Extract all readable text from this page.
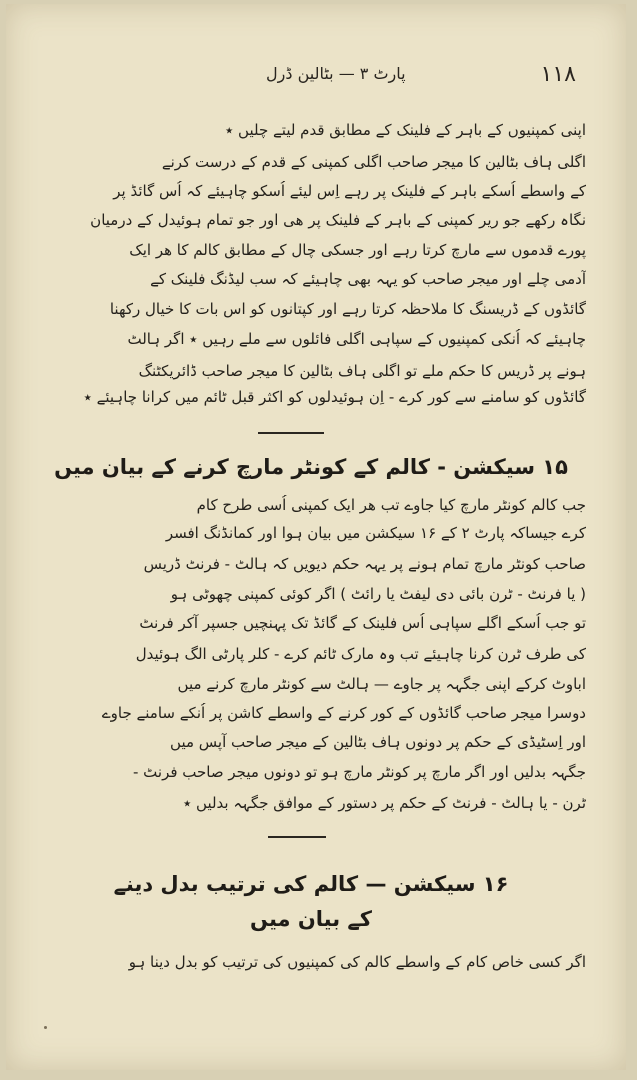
پارٹ ۳ — بٹالین ڈرل	۱۱۸
اپنی کمپنیوں کے باہر کے فلینک کے مطابق قدم لیتے چلیں ٭
اگلی ہاف بٹالین کا میجر صاحب اگلی کمپنی کے قدم کے درست کرنے
کے واسطے اُسکے باہر کے فلینک پر رہے اِس لیئے اُسکو چاہیئے کہ اُس گائڈ پر
نگاہ رکھے جو ریر کمپنی کے باہر کے فلینک پر ھی اور جو تمام ہوئیدل کے درمیان
پورے قدموں سے مارچ کرتا رہے اور جسکی چال کے مطابق کالم کا ھر ایک
آدمی چلے اور میجر صاحب کو یہہ بھی چاہیئے کہ سب لیڈنگ فلینک کے
گائڈوں کے ڈریسنگ کا ملاحظہ کرتا رہے اور کپتانوں کو اس بات کا خیال رکھنا
چاہیئے کہ اُنکی کمپنیوں کے سپاہی اگلی فائلوں سے ملے رہیں ٭ اگر ہالٹ
ہونے پر ڈریس کا حکم ملے تو اگلی ہاف بٹالین کا میجر صاحب ڈائریکٹنگ
گائڈوں کو سامنے سے کور کرے - اِن ہوئیدلوں کو اکثر قبل ٹائم میں کرانا چاہیئے ٭
۱۵ سیکشن - کالم کے کونٹر مارچ کرنے کے بیان میں
جب کالم کونٹر مارچ کیا جاوے تب ھر ایک کمپنی اُسی طرح کام
کرے جیساکہ پارٹ ۲ کے ۱۶ سیکشن میں بیان ہوا اور کمانڈنگ افسر
صاحب کونٹر مارچ تمام ہونے پر یہہ حکم دیویں کہ ہالٹ - فرنٹ ڈریس
( یا فرنٹ - ٹرن بائی دی لیفٹ یا رائٹ ) اگر کوئی کمپنی چھوٹی ہو
تو جب اُسکے اگلے سپاہی اُس فلینک کے گائڈ تک پہنچیں جسپر آکر فرنٹ
کی طرف ٹرن کرنا چاہیئے تب وہ مارک ٹائم کرے - کلر پارٹی الگ ہوئیدل
اباوٹ کرکے اپنی جگہہ پر جاوے — ہالٹ سے کونٹر مارچ کرنے میں
دوسرا میجر صاحب گائڈوں کے کور کرنے کے واسطے کاشن پر اُنکے سامنے جاوے
اور اِسٹیڈی کے حکم پر دونوں ہاف بٹالین کے میجر صاحب آپس میں
جگہہ بدلیں اور اگر مارچ پر کونٹر مارچ ہو تو دونوں میجر صاحب فرنٹ -
ٹرن - یا ہالٹ - فرنٹ کے حکم پر دستور کے موافق جگہہ بدلیں ٭
۱۶ سیکشن — کالم کی ترتیب بدل دینے
کے بیان میں
اگر کسی خاص کام کے واسطے کالم کی کمپنیوں کی ترتیب کو بدل دینا ہو
